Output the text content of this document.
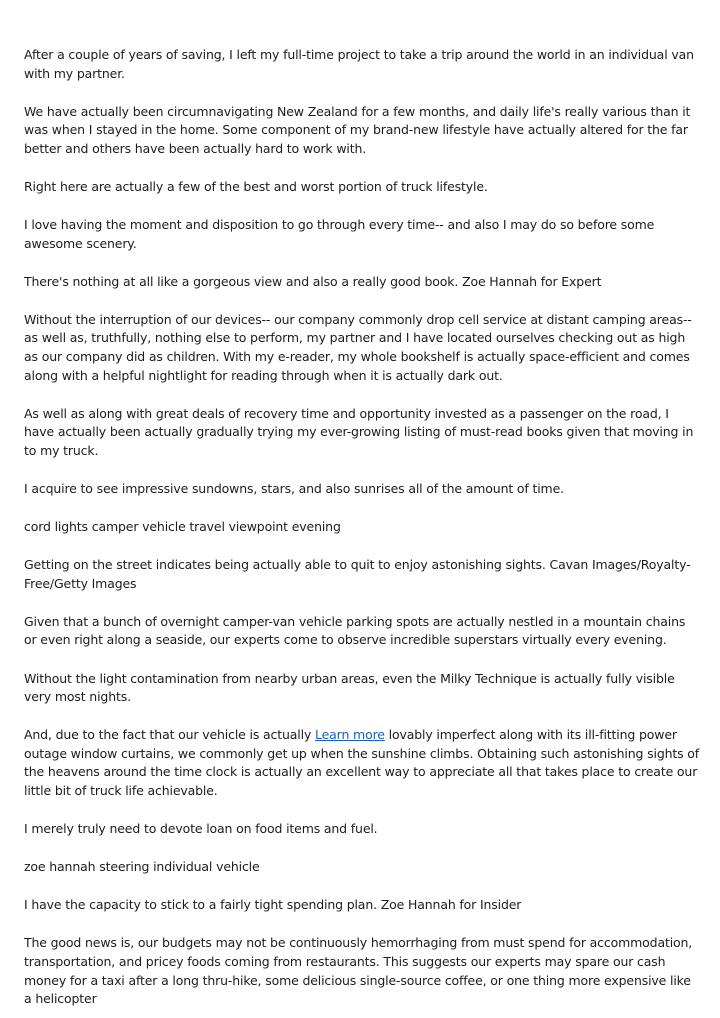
After a couple of years of saving, I left my full-time project to take a trip around the world in an individual van with my partner.

We have actually been circumnavigating New Zealand for a few months, and daily life's really various than it was when I stayed in the home. Some component of my brand-new lifestyle have actually altered for the far better and others have been actually hard to work with.

Right here are actually a few of the best and worst portion of truck lifestyle.

I love having the moment and disposition to go through every time-- and also I may do so before some awesome scenery.

There's nothing at all like a gorgeous view and also a really good book. Zoe Hannah for Expert

Without the interruption of our devices-- our company commonly drop cell service at distant camping areas-- as well as, truthfully, nothing else to perform, my partner and I have located ourselves checking out as high as our company did as children. With my e-reader, my whole bookshelf is actually space-efficient and comes along with a helpful nightlight for reading through when it is actually dark out.

As well as along with great deals of recovery time and opportunity invested as a passenger on the road, I have actually been actually gradually trying my ever-growing listing of must-read books given that moving in to my truck.

I acquire to see impressive sundowns, stars, and also sunrises all of the amount of time.

cord lights camper vehicle travel viewpoint evening

Getting on the street indicates being actually able to quit to enjoy astonishing sights. Cavan Images/Royalty-Free/Getty Images

Given that a bunch of overnight camper-van vehicle parking spots are actually nestled in a mountain chains or even right along a seaside, our experts come to observe incredible superstars virtually every evening.

Without the light contamination from nearby urban areas, even the Milky Technique is actually fully visible very most nights.

And, due to the fact that our vehicle is actually Learn more lovably imperfect along with its ill-fitting power outage window curtains, we commonly get up when the sunshine climbs. Obtaining such astonishing sights of the heavens around the time clock is actually an excellent way to appreciate all that takes place to create our little bit of truck life achievable.

I merely truly need to devote loan on food items and fuel.

zoe hannah steering individual vehicle

I have the capacity to stick to a fairly tight spending plan. Zoe Hannah for Insider

The good news is, our budgets may not be continuously hemorrhaging from must spend for accommodation, transportation, and pricey foods coming from restaurants. This suggests our experts may spare our cash money for a taxi after a long thru-hike, some delicious single-source coffee, or one thing more expensive like a helicopter
